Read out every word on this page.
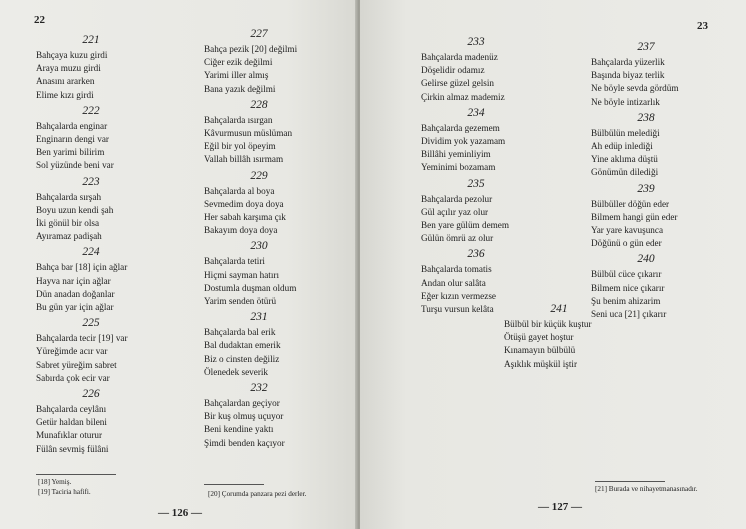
22
221
Bahçaya kuzu girdi
Araya muzu girdi
Anasını ararken
Elime kızı girdi
222
Bahçalarda enginar
Enginarın dengi var
Ben yarimi bilirim
Sol yüzünde beni var
223
Bahçalarda sırşah
Boyu uzun kendi şah
İki gönül bir olsa
Ayıramaz padişah
224
Bahça bar [18] için ağlar
Hayva nar için ağlar
Dün anadan doğanlar
Bu gün yar için ağlar
225
Bahçalarda tecir [19] var
Yüreğimde acır var
Sabret yüreğim sabret
Sabırda çok ecir var
226
Bahçalarda ceylânı
Getür haldan bileni
Munafıklar oturur
Fülân sevmiş fülâni
227
Bahça pezik [20] değilmi
Ciğer ezik değilmi
Yarimi iller almış
Bana yazık değilmi
228
Bahçalarda ısırgan
Kâvurmusun müslüman
Eğil bir yol öpeyim
Vallah billâh ısırmam
229
Bahçalarda al boya
Sevmedim doya doya
Her sabah karşıma çık
Bakayım doya doya
230
Bahçalarda tetiri
Hiçmi sayman hatırı
Dostumla duşman oldum
Yarim senden ötürü
231
Bahçalarda bal erik
Bal dudaktan emerik
Biz o cinsten değiliz
Ölenedek severik
232
Bahçalardan geçiyor
Bir kuş olmuş uçuyor
Beni kendine yaktı
Şimdi benden kaçıyor
[18] Yemiş.
[19] Taciria hafifi.	[20] Çorumda panzara pezi derler.
— 126 —
23
233
Bahçalarda madenüz
Döşelidir odamız
Gelirse güzel gelsin
Çirkin almaz mademiz
234
Bahçalarda gezemem
Dividim yok yazamam
Billâhi yeminliyim
Yeminimi bozamam
235
Bahçalarda pezolur
Gül açılır yaz olur
Ben yare gülüm demem
Gülün ömrü az olur
236
Bahçalarda tomatis
Andan olur salâta
Eğer kızın vermezse
Turşu vursun kelâta
237
Bahçalarda yüzerlik
Başında biyaz terlik
Ne böyle sevda gördüm
Ne böyle intizarlık
238
Bülbülün melediği
Ah edüp inlediği
Yine aklıma düştü
Gönümün dilediği
239
Bülbüller döğün eder
Bilmem hangi gün eder
Yar yare kavuşunca
Döğünü o gün eder
240
Bülbül cüce çıkarır
Bilmem nice çıkarır
Şu benim ahizarim
Seni uca [21] çıkarır
241
Bülbül bir küçük kuştur
Ötüşü gayet hoştur
Kınamayın bülbülü
Aşıklık müşkül iştir
[21] Burada ve nihayetmanasınadır.
— 127 —
